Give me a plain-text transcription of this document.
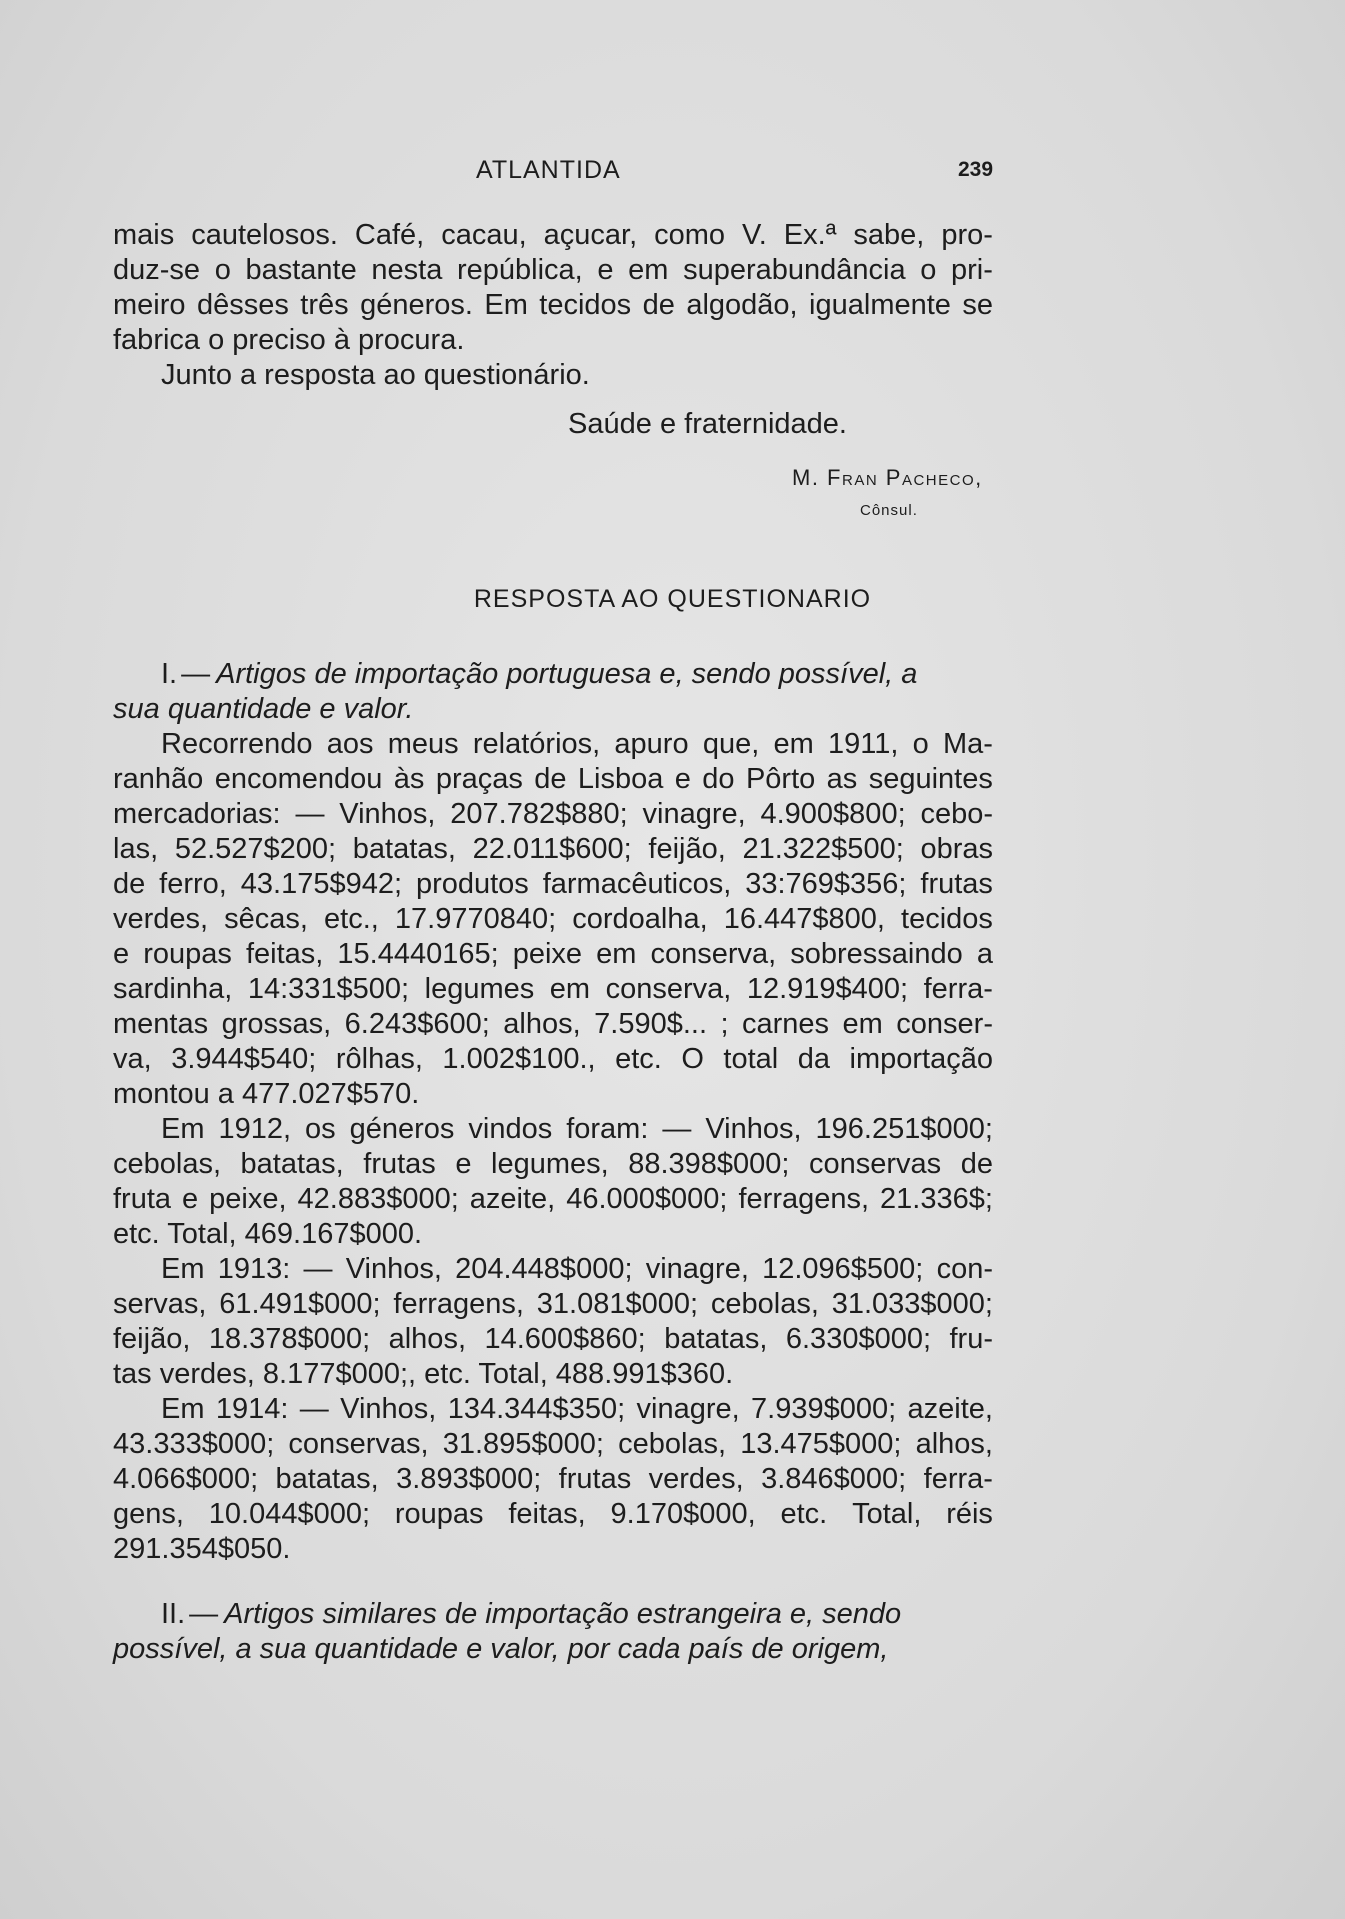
ATLANTIDA	239
mais cautelosos. Café, cacau, açucar, como V. Ex.ª sabe, pro-
duz-se o bastante nesta república, e em superabundância o pri-
meiro dêsses três géneros. Em tecidos de algodão, igualmente se
fabrica o preciso à procura.
Junto a resposta ao questionário.
Saúde e fraternidade.
M. Fran Pacheco,
Cônsul.
RESPOSTA AO QUESTIONARIO
I. — Artigos de importação portuguesa e, sendo possível, a
sua quantidade e valor.
Recorrendo aos meus relatórios, apuro que, em 1911, o Ma-
ranhão encomendou às praças de Lisboa e do Pôrto as seguintes
mercadorias: — Vinhos, 207.782$880; vinagre, 4.900$800; cebo-
las, 52.527$200; batatas, 22.011$600; feijão, 21.322$500; obras
de ferro, 43.175$942; produtos farmacêuticos, 33:769$356; frutas
verdes, sêcas, etc., 17.9770840; cordoalha, 16.447$800, tecidos
e roupas feitas, 15.4440165; peixe em conserva, sobressaindo a
sardinha, 14:331$500; legumes em conserva, 12.919$400; ferra-
mentas grossas, 6.243$600; alhos, 7.590$... ; carnes em conser-
va, 3.944$540; rôlhas, 1.002$100., etc. O total da importação
montou a 477.027$570.
Em 1912, os géneros vindos foram: — Vinhos, 196.251$000;
cebolas, batatas, frutas e legumes, 88.398$000; conservas de
fruta e peixe, 42.883$000; azeite, 46.000$000; ferragens, 21.336$;
etc. Total, 469.167$000.
Em 1913: — Vinhos, 204.448$000; vinagre, 12.096$500; con-
servas, 61.491$000; ferragens, 31.081$000; cebolas, 31.033$000;
feijão, 18.378$000; alhos, 14.600$860; batatas, 6.330$000; fru-
tas verdes, 8.177$000;, etc. Total, 488.991$360.
Em 1914: — Vinhos, 134.344$350; vinagre, 7.939$000; azeite,
43.333$000; conservas, 31.895$000; cebolas, 13.475$000; alhos,
4.066$000; batatas, 3.893$000; frutas verdes, 3.846$000; ferra-
gens, 10.044$000; roupas feitas, 9.170$000, etc. Total, réis
291.354$050.
II. — Artigos similares de importação estrangeira e, sendo
possível, a sua quantidade e valor, por cada país de origem,
